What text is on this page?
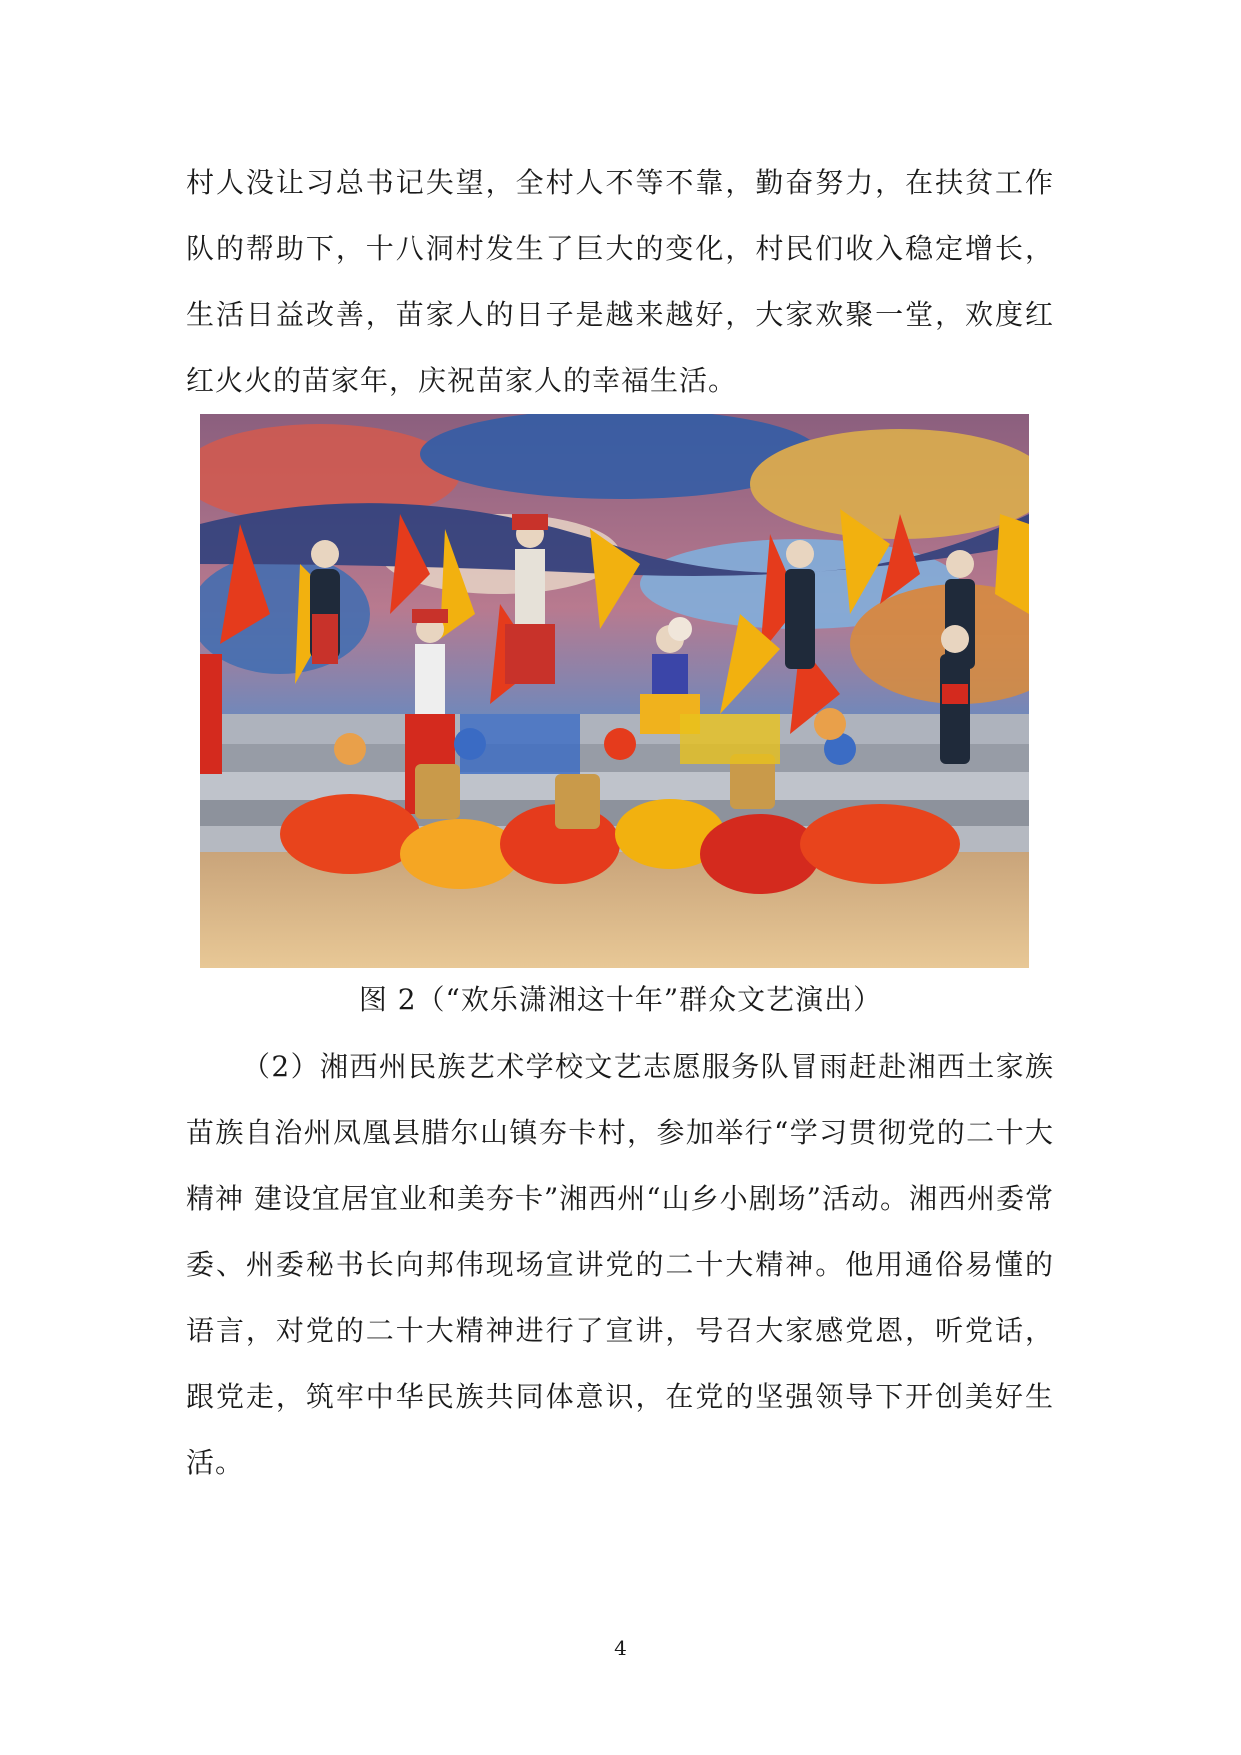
村人没让习总书记失望，全村人不等不靠，勤奋努力，在扶贫工作队的帮助下，十八洞村发生了巨大的变化，村民们收入稳定增长，生活日益改善，苗家人的日子是越来越好，大家欢聚一堂，欢度红红火火的苗家年，庆祝苗家人的幸福生活。

图 2（“欢乐潇湘这十年”群众文艺演出）

（2）湘西州民族艺术学校文艺志愿服务队冒雨赶赴湘西土家族苗族自治州凤凰县腊尔山镇夯卡村，参加举行“学习贯彻党的二十大精神 建设宜居宜业和美夯卡”湘西州“山乡小剧场”活动。湘西州委常委、州委秘书长向邦伟现场宣讲党的二十大精神。他用通俗易懂的语言，对党的二十大精神进行了宣讲，号召大家感党恩，听党话，跟党走，筑牢中华民族共同体意识，在党的坚强领导下开创美好生活。

4
